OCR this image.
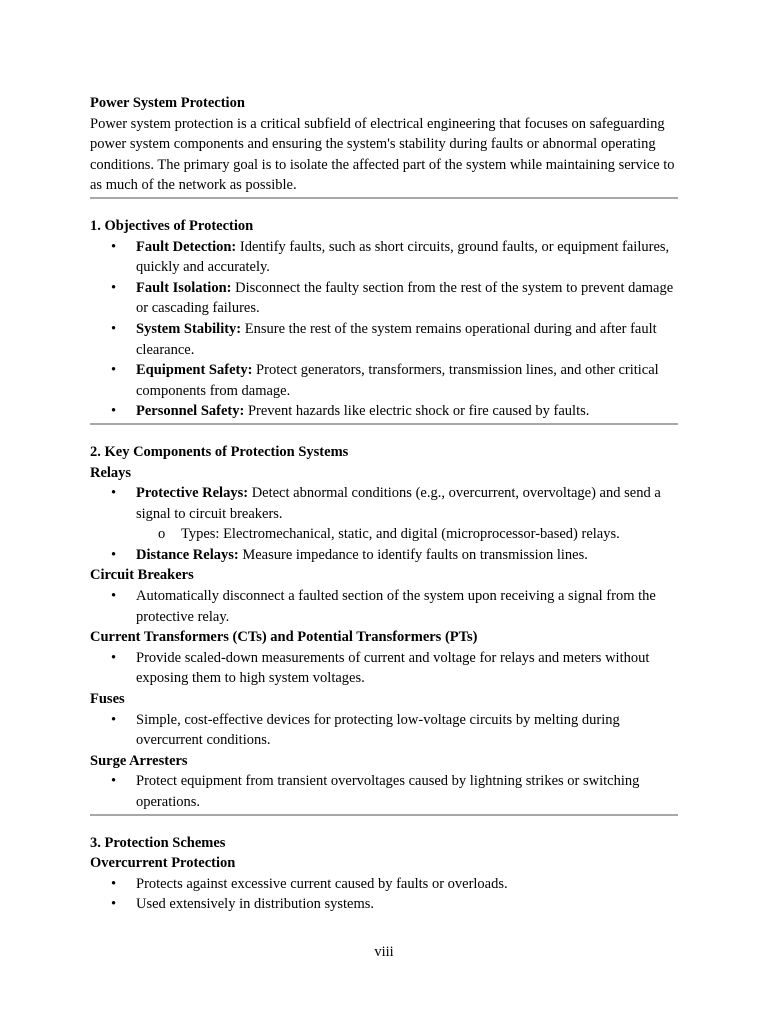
Power System Protection

Power system protection is a critical subfield of electrical engineering that focuses on safeguarding power system components and ensuring the system's stability during faults or abnormal operating conditions. The primary goal is to isolate the affected part of the system while maintaining service to as much of the network as possible.

1. Objectives of Protection

• Fault Detection: Identify faults, such as short circuits, ground faults, or equipment failures, quickly and accurately.
• Fault Isolation: Disconnect the faulty section from the rest of the system to prevent damage or cascading failures.
• System Stability: Ensure the rest of the system remains operational during and after fault clearance.
• Equipment Safety: Protect generators, transformers, transmission lines, and other critical components from damage.
• Personnel Safety: Prevent hazards like electric shock or fire caused by faults.

2. Key Components of Protection Systems

Relays

• Protective Relays: Detect abnormal conditions (e.g., overcurrent, overvoltage) and send a signal to circuit breakers.
o Types: Electromechanical, static, and digital (microprocessor-based) relays.
• Distance Relays: Measure impedance to identify faults on transmission lines.

Circuit Breakers

• Automatically disconnect a faulted section of the system upon receiving a signal from the protective relay.

Current Transformers (CTs) and Potential Transformers (PTs)

• Provide scaled-down measurements of current and voltage for relays and meters without exposing them to high system voltages.

Fuses

• Simple, cost-effective devices for protecting low-voltage circuits by melting during overcurrent conditions.

Surge Arresters

• Protect equipment from transient overvoltages caused by lightning strikes or switching operations.

3. Protection Schemes

Overcurrent Protection

• Protects against excessive current caused by faults or overloads.
• Used extensively in distribution systems.
viii
